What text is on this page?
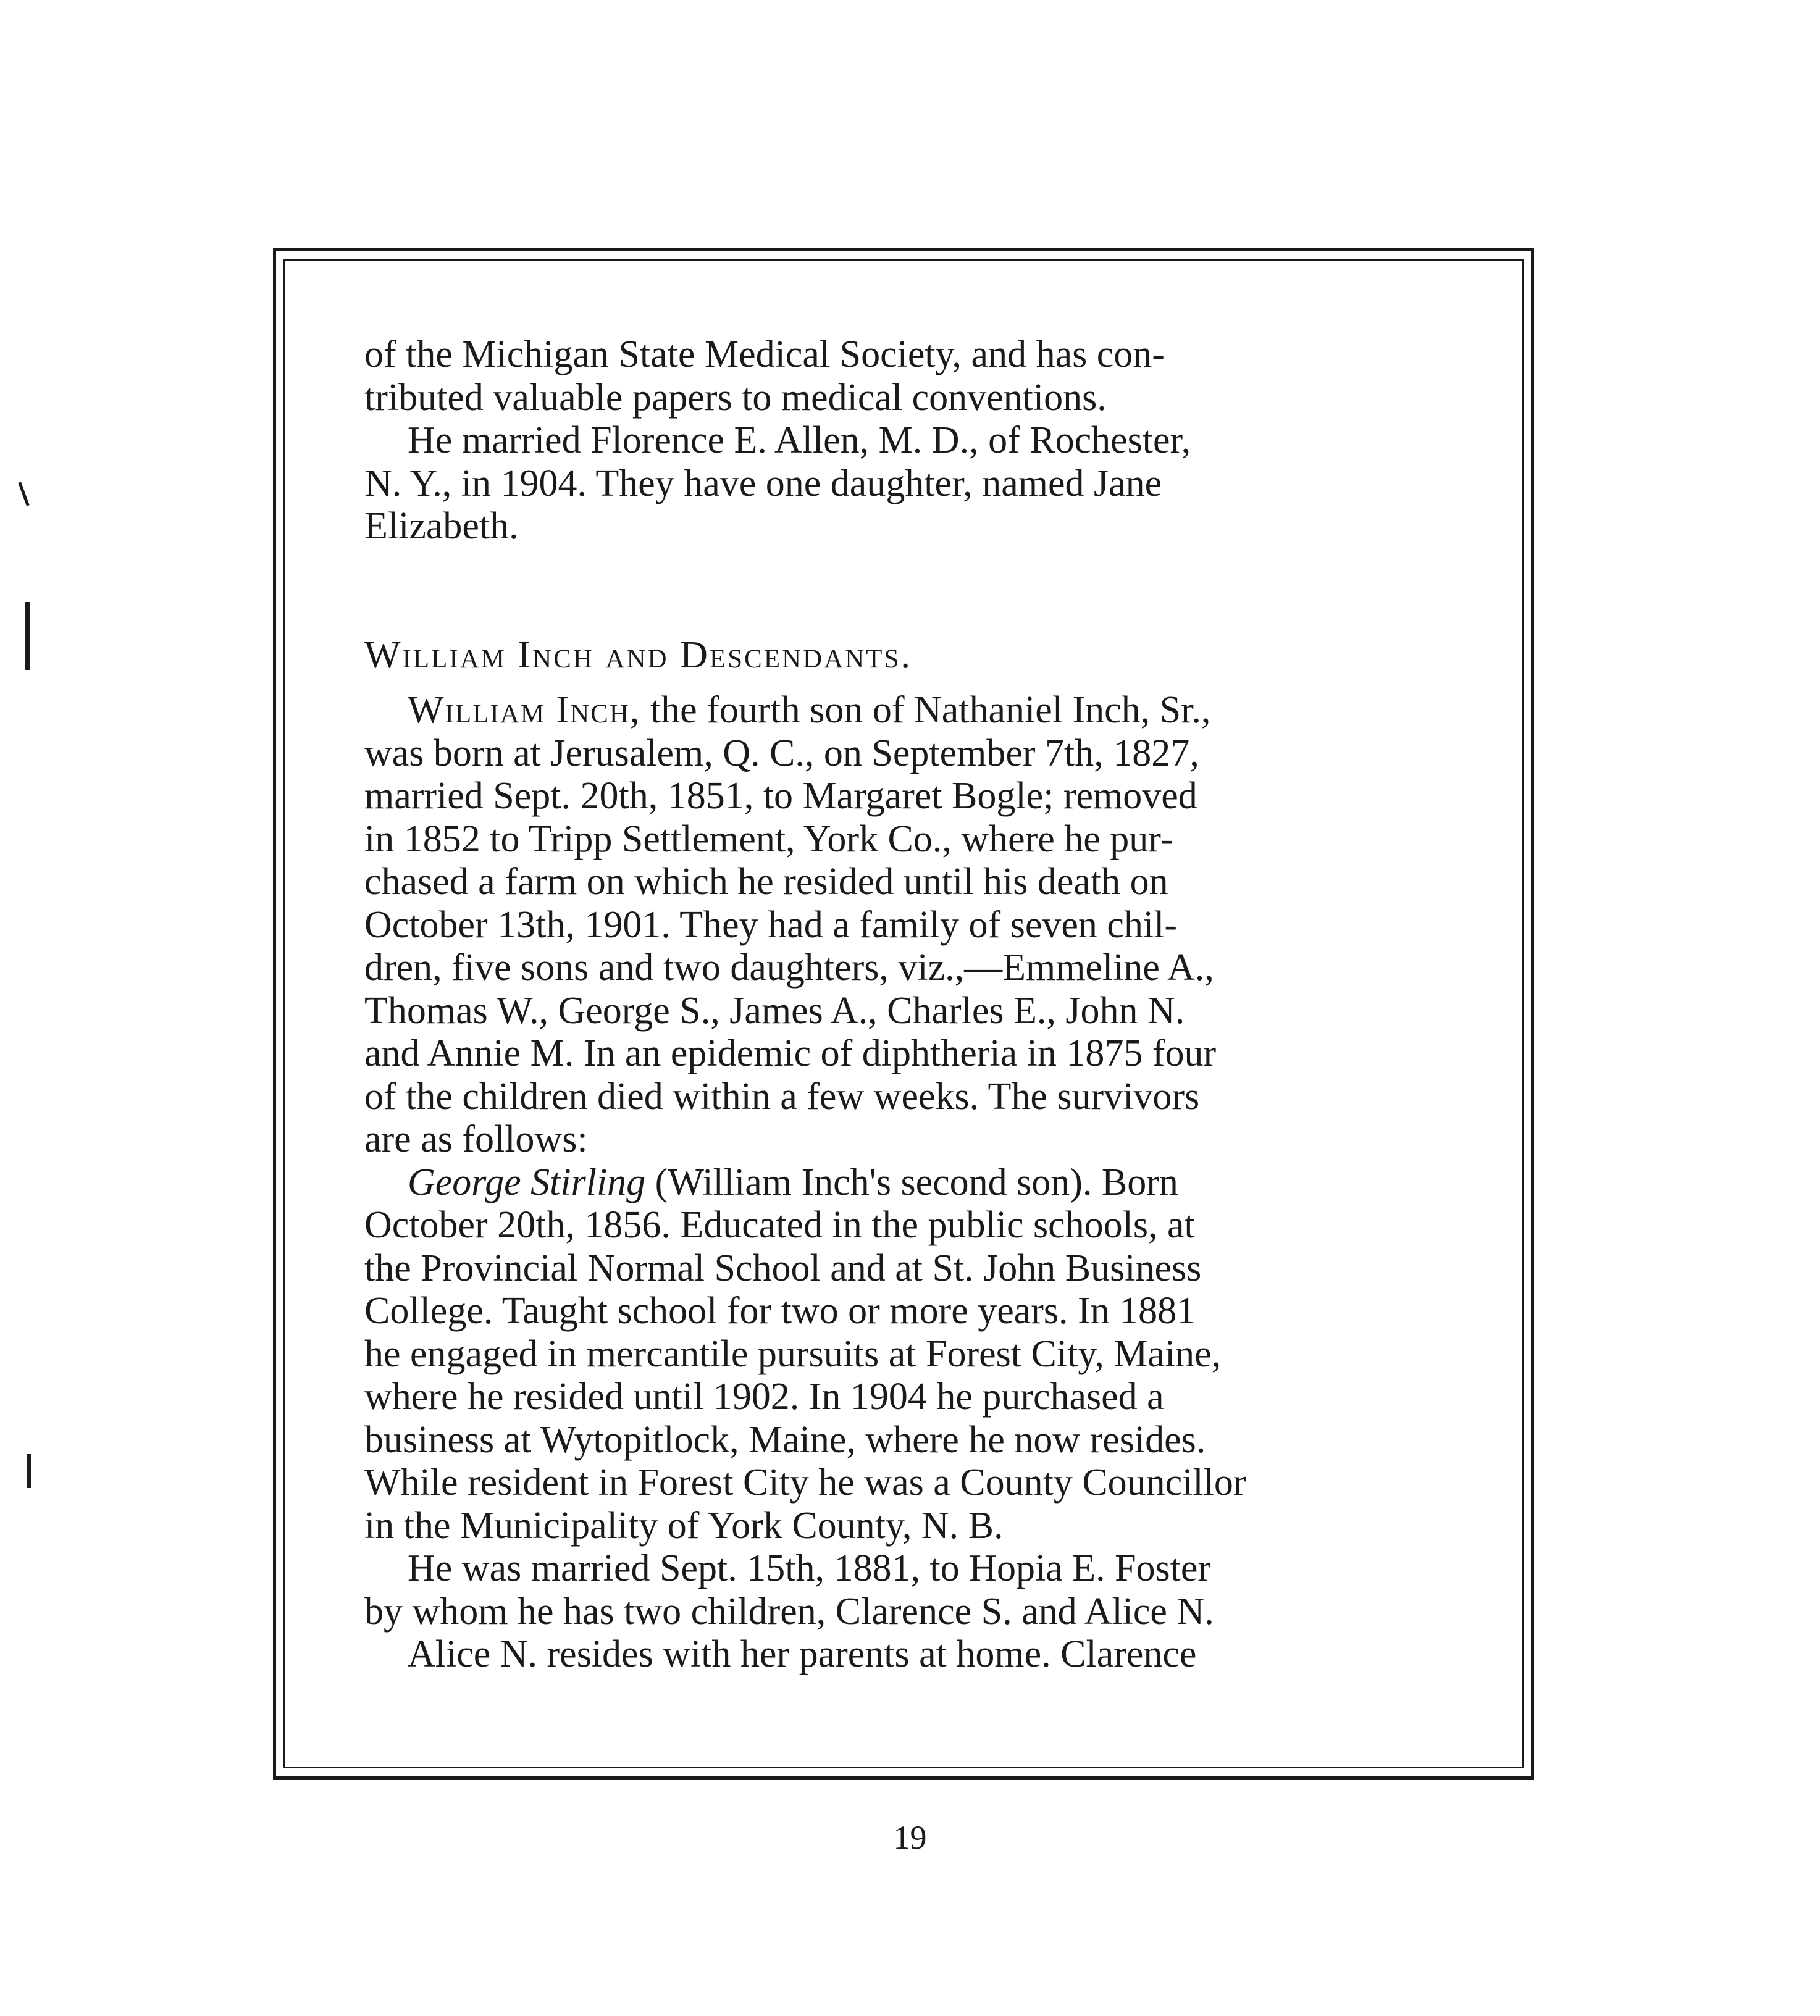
of the Michigan State Medical Society, and has con-
tributed valuable papers to medical conventions.
He married Florence E. Allen, M. D., of Rochester,
N. Y., in 1904. They have one daughter, named Jane
Elizabeth.
William Inch and Descendants.
William Inch, the fourth son of Nathaniel Inch, Sr.,
was born at Jerusalem, Q. C., on September 7th, 1827,
married Sept. 20th, 1851, to Margaret Bogle; removed
in 1852 to Tripp Settlement, York Co., where he pur-
chased a farm on which he resided until his death on
October 13th, 1901. They had a family of seven chil-
dren, five sons and two daughters, viz.,—Emmeline A.,
Thomas W., George S., James A., Charles E., John N.
and Annie M. In an epidemic of diphtheria in 1875 four
of the children died within a few weeks. The survivors
are as follows:
George Stirling (William Inch's second son). Born
October 20th, 1856. Educated in the public schools, at
the Provincial Normal School and at St. John Business
College. Taught school for two or more years. In 1881
he engaged in mercantile pursuits at Forest City, Maine,
where he resided until 1902. In 1904 he purchased a
business at Wytopitlock, Maine, where he now resides.
While resident in Forest City he was a County Councillor
in the Municipality of York County, N. B.
He was married Sept. 15th, 1881, to Hopia E. Foster
by whom he has two children, Clarence S. and Alice N.
Alice N. resides with her parents at home. Clarence
19
